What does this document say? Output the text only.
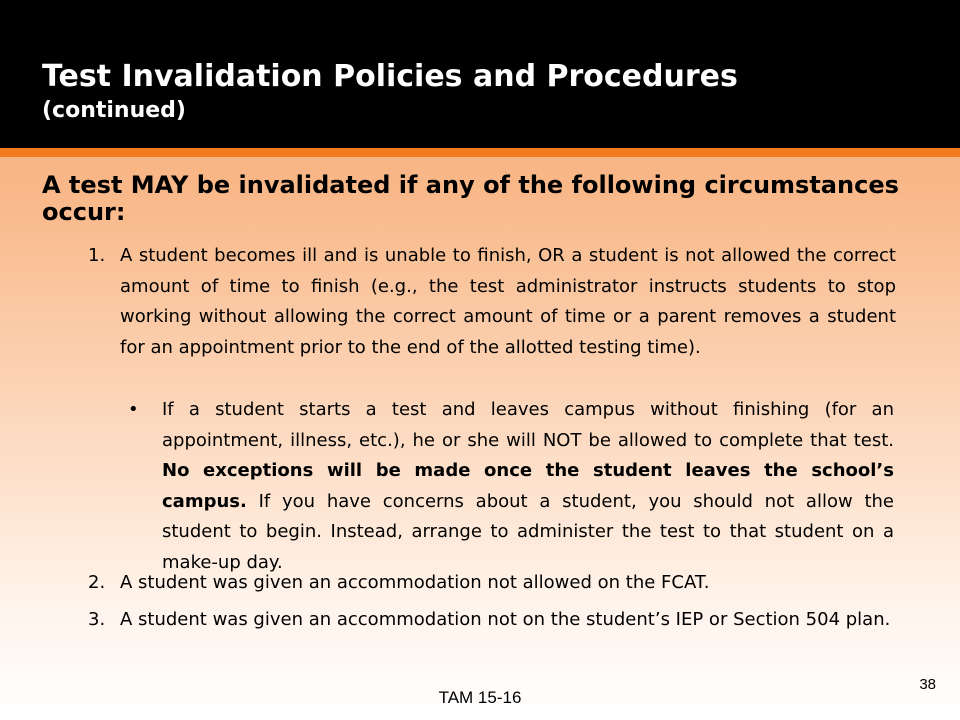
Test Invalidation Policies and Procedures
(continued)
A test MAY be invalidated if any of the following circumstances occur:

1. A student becomes ill and is unable to finish, OR a student is not allowed the correct amount of time to finish (e.g., the test administrator instructs students to stop working without allowing the correct amount of time or a parent removes a student for an appointment prior to the end of the allotted testing time).

• If a student starts a test and leaves campus without finishing (for an appointment, illness, etc.), he or she will NOT be allowed to complete that test. No exceptions will be made once the student leaves the school’s campus. If you have concerns about a student, you should not allow the student to begin. Instead, arrange to administer the test to that student on a make-up day.

2. A student was given an accommodation not allowed on the FCAT.

3. A student was given an accommodation not on the student’s IEP or Section 504 plan.

TAM 15-16
38
